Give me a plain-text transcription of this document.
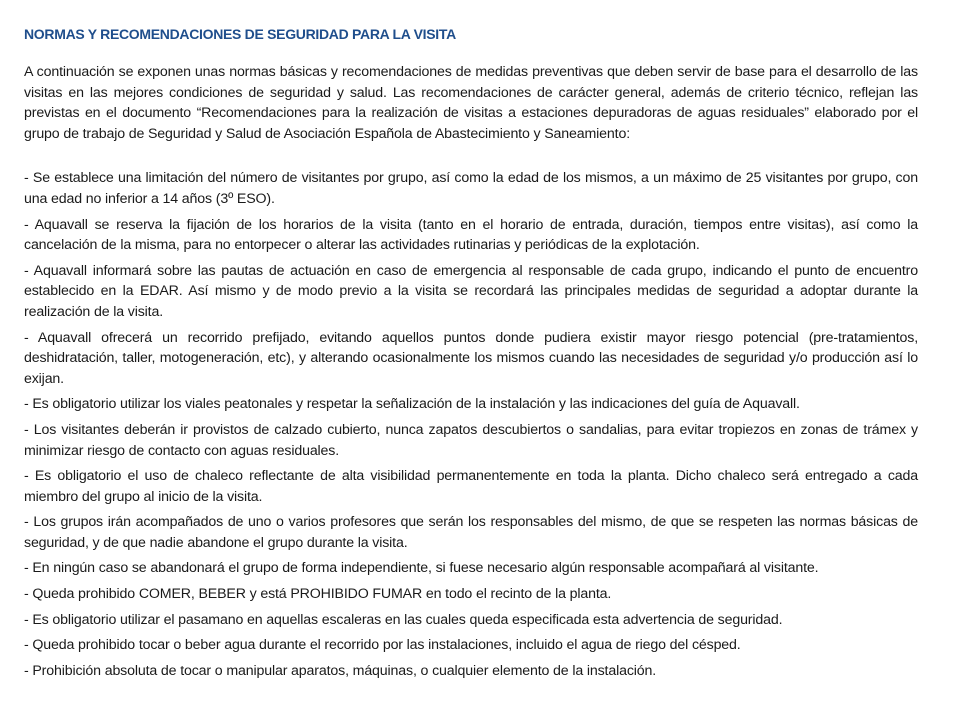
NORMAS Y RECOMENDACIONES DE SEGURIDAD PARA LA VISITA

A continuación se exponen unas normas básicas y recomendaciones de medidas preventivas que deben servir de base para el desarrollo de las visitas en las mejores condiciones de seguridad y salud. Las recomendaciones de carácter general, además de criterio técnico, reflejan las previstas en el documento “Recomendaciones para la realización de visitas a estaciones depuradoras de aguas residuales” elaborado por el grupo de trabajo de Seguridad y Salud de Asociación Española de Abastecimiento y Saneamiento:

- Se establece una limitación del número de visitantes por grupo, así como la edad de los mismos, a un máximo de 25 visitantes por grupo, con una edad no inferior a 14 años (3º ESO).
- Aquavall se reserva la fijación de los horarios de la visita (tanto en el horario de entrada, duración, tiempos entre visitas), así como la cancelación de la misma, para no entorpecer o alterar las actividades rutinarias y periódicas de la explotación.
- Aquavall informará sobre las pautas de actuación en caso de emergencia al responsable de cada grupo, indicando el punto de encuentro establecido en la EDAR. Así mismo y de modo previo a la visita se recordará las principales medidas de seguridad a adoptar durante la realización de la visita.
- Aquavall ofrecerá un recorrido prefijado, evitando aquellos puntos donde pudiera existir mayor riesgo potencial (pre-tratamientos, deshidratación, taller, motogeneración, etc), y alterando ocasionalmente los mismos cuando las necesidades de seguridad y/o producción así lo exijan.
- Es obligatorio utilizar los viales peatonales y respetar la señalización de la instalación y las indicaciones del guía de Aquavall.
- Los visitantes deberán ir provistos de calzado cubierto, nunca zapatos descubiertos o sandalias, para evitar tropiezos en zonas de trámex y minimizar riesgo de contacto con aguas residuales.
- Es obligatorio el uso de chaleco reflectante de alta visibilidad permanentemente en toda la planta. Dicho chaleco será entregado a cada miembro del grupo al inicio de la visita.
- Los grupos irán acompañados de uno o varios profesores que serán los responsables del mismo, de que se respeten las normas básicas de seguridad, y de que nadie abandone el grupo durante la visita.
- En ningún caso se abandonará el grupo de forma independiente, si fuese necesario algún responsable acompañará al visitante.
- Queda prohibido COMER, BEBER y está PROHIBIDO FUMAR en todo el recinto de la planta.
- Es obligatorio utilizar el pasamano en aquellas escaleras en las cuales queda especificada esta advertencia de seguridad.
- Queda prohibido tocar o beber agua durante el recorrido por las instalaciones, incluido el agua de riego del césped.
- Prohibición absoluta de tocar o manipular aparatos, máquinas, o cualquier elemento de la instalación.
